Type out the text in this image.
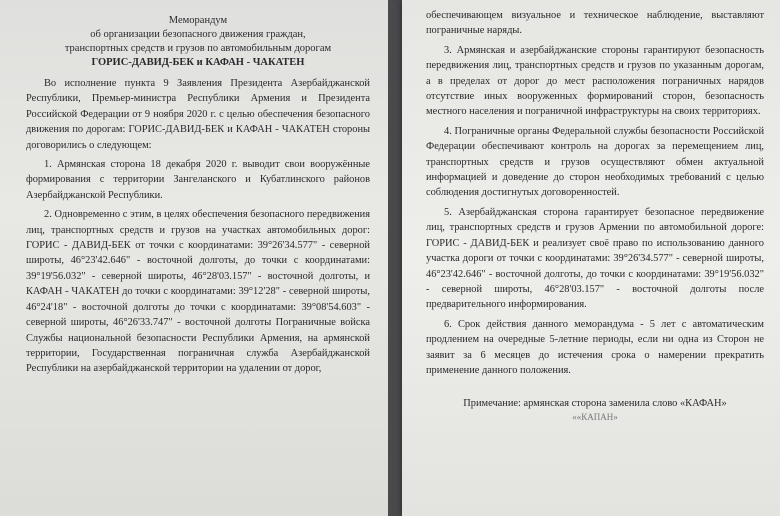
Меморандум
об организации безопасного движения граждан,
транспортных средств и грузов по автомобильным дорогам
ГОРИС-ДАВИД-БЕК и КАФАН - ЧАКАТЕН

Во исполнение пункта 9 Заявления Президента Азербайджанской Республики, Премьер-министра Республики Армения и Президента Российской Федерации от 9 ноября 2020 г. с целью обеспечения безопасного движения по дорогам: ГОРИС-ДАВИД-БЕК и КАФАН - ЧАКАТЕН стороны договорились о следующем:

1. Армянская сторона 18 декабря 2020 г. выводит свои вооружённые формирования с территории Зангеланского и Кубатлинского районов Азербайджанской Республики.

2. Одновременно с этим, в целях обеспечения безопасного передвижения лиц, транспортных средств и грузов на участках автомобильных дорог: ГОРИС - ДАВИД-БЕК от точки с координатами: 39°26'34.577" - северной широты, 46°23'42.646" - восточной долготы, до точки с координатами: 39°19'56.032" - северной широты, 46°28'03.157" - восточной долготы, и КАФАН - ЧАКАТЕН до точки с координатами: 39°12'28" - северной широты, 46°24'18" - восточной долготы до точки с координатами: 39°08'54.603" - северной широты, 46°26'33.747" - восточной долготы Пограничные войска Службы национальной безопасности Республики Армения, на армянской территории, Государственная пограничная служба Азербайджанской Республики на азербайджанской территории на удалении от дорог,

обеспечивающем визуальное и техническое наблюдение, выставляют пограничные наряды.

3. Армянская и азербайджанские стороны гарантируют безопасность передвижения лиц, транспортных средств и грузов по указанным дорогам, а в пределах от дорог до мест расположения пограничных нарядов отсутствие иных вооруженных формирований сторон, безопасность местного населения и пограничной инфраструктуры на своих территориях.

4. Пограничные органы Федеральной службы безопасности Российской Федерации обеспечивают контроль на дорогах за перемещением лиц, транспортных средств и грузов осуществляют обмен актуальной информацией и доведение до сторон необходимых требований с целью соблюдения достигнутых договоренностей.

5. Азербайджанская сторона гарантирует безопасное передвижение лиц, транспортных средств и грузов Армении по автомобильной дороге: ГОРИС - ДАВИД-БЕК и реализует своё право по использованию данного участка дороги от точки с координатами: 39°26'34.577" - северной широты, 46°23'42.646" - восточной долготы, до точки с координатами: 39°19'56.032" - северной широты, 46°28'03.157" - восточной долготы после предварительного информирования.

6. Срок действия данного меморандума - 5 лет с автоматическим продлением на очередные 5-летние периоды, если ни одна из Сторон не заявит за 6 месяцев до истечения срока о намерении прекратить применение данного положения.

Примечание: армянская сторона заменила слово «КАФАН»

««КАПАН»
